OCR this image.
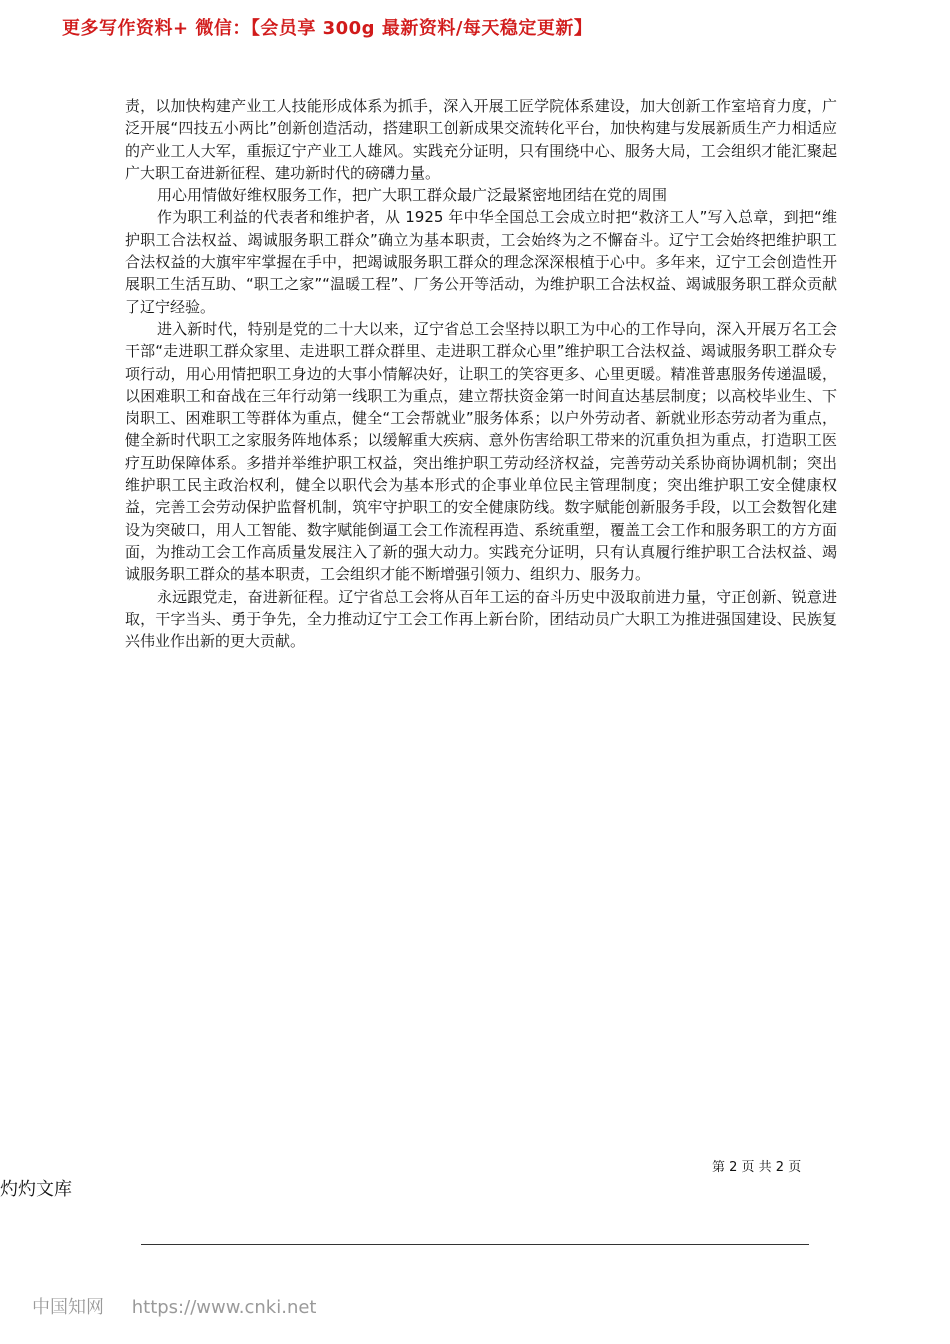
更多写作资料+ 微信：【会员享 300g 最新资料/每天稳定更新】

责，以加快构建产业工人技能形成体系为抓手，深入开展工匠学院体系建设，加大创新工作室培育力度，广泛开展“四技五小两比”创新创造活动，搭建职工创新成果交流转化平台，加快构建与发展新质生产力相适应的产业工人大军，重振辽宁产业工人雄风。实践充分证明，只有围绕中心、服务大局，工会组织才能汇聚起广大职工奋进新征程、建功新时代的磅礴力量。

用心用情做好维权服务工作，把广大职工群众最广泛最紧密地团结在党的周围

作为职工利益的代表者和维护者，从 1925 年中华全国总工会成立时把“救济工人”写入总章，到把“维护职工合法权益、竭诚服务职工群众”确立为基本职责，工会始终为之不懈奋斗。辽宁工会始终把维护职工合法权益的大旗牢牢掌握在手中，把竭诚服务职工群众的理念深深根植于心中。多年来，辽宁工会创造性开展职工生活互助、“职工之家”“温暖工程”、厂务公开等活动，为维护职工合法权益、竭诚服务职工群众贡献了辽宁经验。

进入新时代，特别是党的二十大以来，辽宁省总工会坚持以职工为中心的工作导向，深入开展万名工会干部“走进职工群众家里、走进职工群众群里、走进职工群众心里”维护职工合法权益、竭诚服务职工群众专项行动，用心用情把职工身边的大事小情解决好，让职工的笑容更多、心里更暖。精准普惠服务传递温暖，以困难职工和奋战在三年行动第一线职工为重点，建立帮扶资金第一时间直达基层制度；以高校毕业生、下岗职工、困难职工等群体为重点，健全“工会帮就业”服务体系；以户外劳动者、新就业形态劳动者为重点，健全新时代职工之家服务阵地体系；以缓解重大疾病、意外伤害给职工带来的沉重负担为重点，打造职工医疗互助保障体系。多措并举维护职工权益，突出维护职工劳动经济权益，完善劳动关系协商协调机制；突出维护职工民主政治权利，健全以职代会为基本形式的企事业单位民主管理制度；突出维护职工安全健康权益，完善工会劳动保护监督机制，筑牢守护职工的安全健康防线。数字赋能创新服务手段，以工会数智化建设为突破口，用人工智能、数字赋能倒逼工会工作流程再造、系统重塑，覆盖工会工作和服务职工的方方面面，为推动工会工作高质量发展注入了新的强大动力。实践充分证明，只有认真履行维护职工合法权益、竭诚服务职工群众的基本职责，工会组织才能不断增强引领力、组织力、服务力。

永远跟党走，奋进新征程。辽宁省总工会将从百年工运的奋斗历史中汲取前进力量，守正创新、锐意进取，干字当头、勇于争先，全力推动辽宁工会工作再上新台阶，团结动员广大职工为推进强国建设、民族复兴伟业作出新的更大贡献。

第 2 页 共 2 页
灼灼文库
中国知网 https://www.cnki.net
